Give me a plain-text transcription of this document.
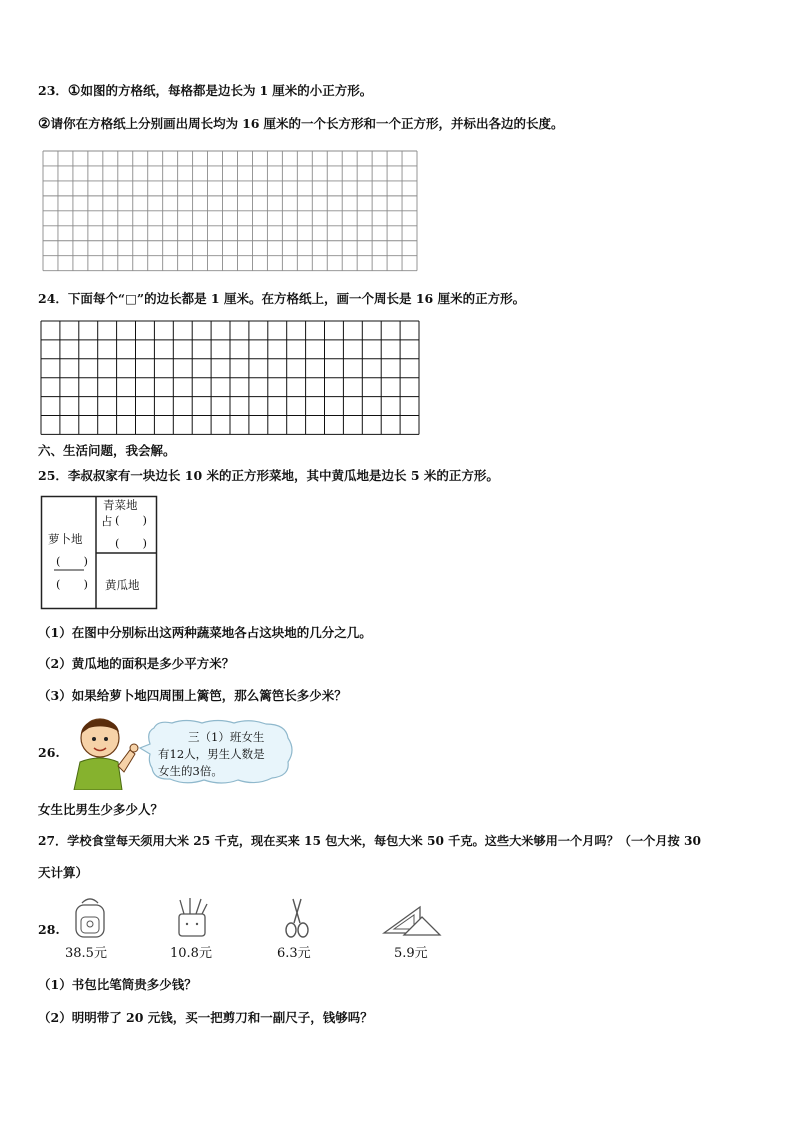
23．①如图的方格纸，每格都是边长为 1 厘米的小正方形。
②请你在方格纸上分别画出周长均为 16 厘米的一个长方形和一个正方形，并标出各边的长度。
24．下面每个“□”的边长都是 1 厘米。在方格纸上，画一个周长是 16 厘米的正方形。
六、生活问题，我会解。
25．李叔叔家有一块边长 10 米的正方形菜地，其中黄瓜地是边长 5 米的正方形。
青菜地
占 (　　)
(　　)
萝卜地
(　　)
(　　) 黄瓜地
（1）在图中分别标出这两种蔬菜地各占这块地的几分之几。
（2）黄瓜地的面积是多少平方米？
（3）如果给萝卜地四周围上篱笆，那么篱笆长多少米？
26.
三（1）班女生
有12人，男生人数是
女生的3倍。
女生比男生少多少人？
27．学校食堂每天须用大米 25 千克，现在买来 15 包大米，每包大米 50 千克。这些大米够用一个月吗？（一个月按 30
天计算）
28.
38.5元	10.8元	6.3元	5.9元
（1）书包比笔筒贵多少钱？
（2）明明带了 20 元钱，买一把剪刀和一副尺子，钱够吗？
